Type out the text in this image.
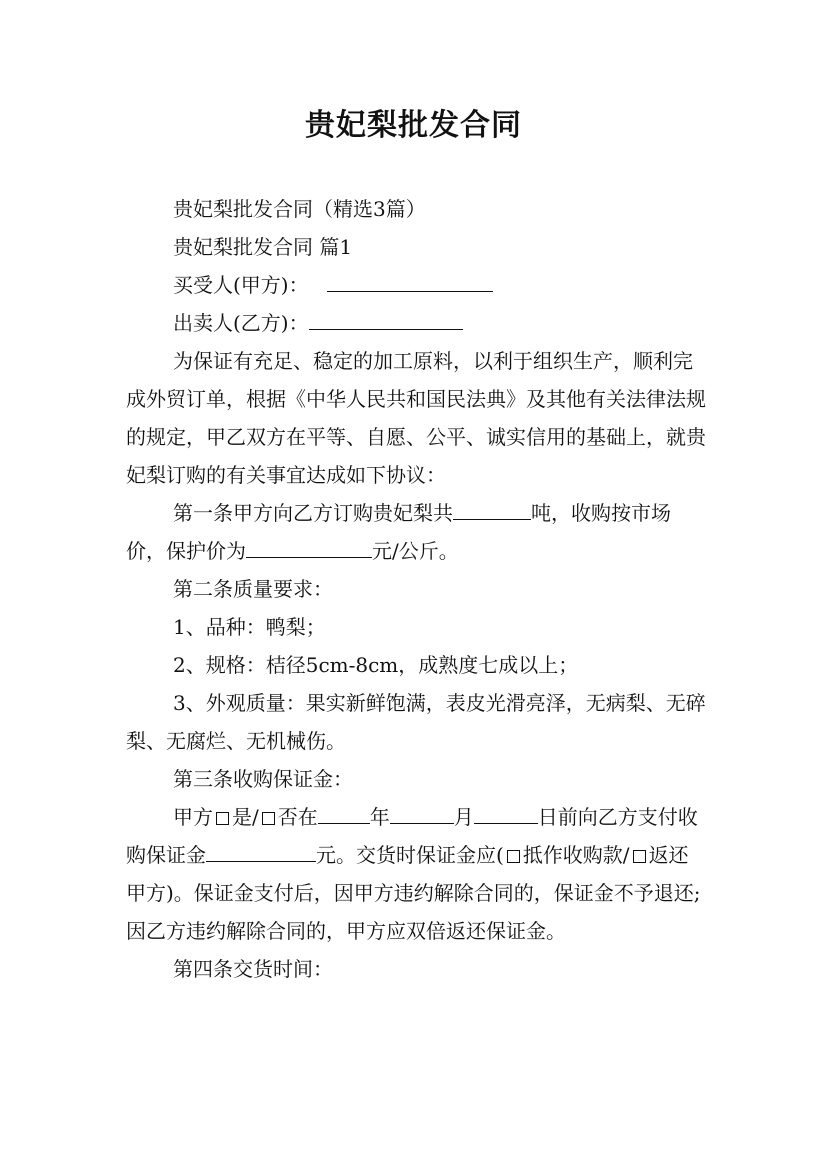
贵妃梨批发合同

贵妃梨批发合同（精选3篇）

贵妃梨批发合同 篇1

买受人(甲方)：

出卖人(乙方)：

为保证有充足、稳定的加工原料，以利于组织生产，顺利完成外贸订单，根据《中华人民共和国民法典》及其他有关法律法规的规定，甲乙双方在平等、自愿、公平、诚实信用的基础上，就贵妃梨订购的有关事宜达成如下协议：

第一条甲方向乙方订购贵妃梨共	吨，收购按市场价，保护价为	元/公斤。

第二条质量要求：

1、品种：鸭梨；

2、规格：桔径5cm-8cm，成熟度七成以上；

3、外观质量：果实新鲜饱满，表皮光滑亮泽，无病梨、无碎梨、无腐烂、无机械伤。

第三条收购保证金：

甲方 是/ 否在	年	月	日前向乙方支付收购保证金	元。交货时保证金应( 抵作收购款/ 返还甲方)。保证金支付后，因甲方违约解除合同的，保证金不予退还;因乙方违约解除合同的，甲方应双倍返还保证金。

第四条交货时间：
